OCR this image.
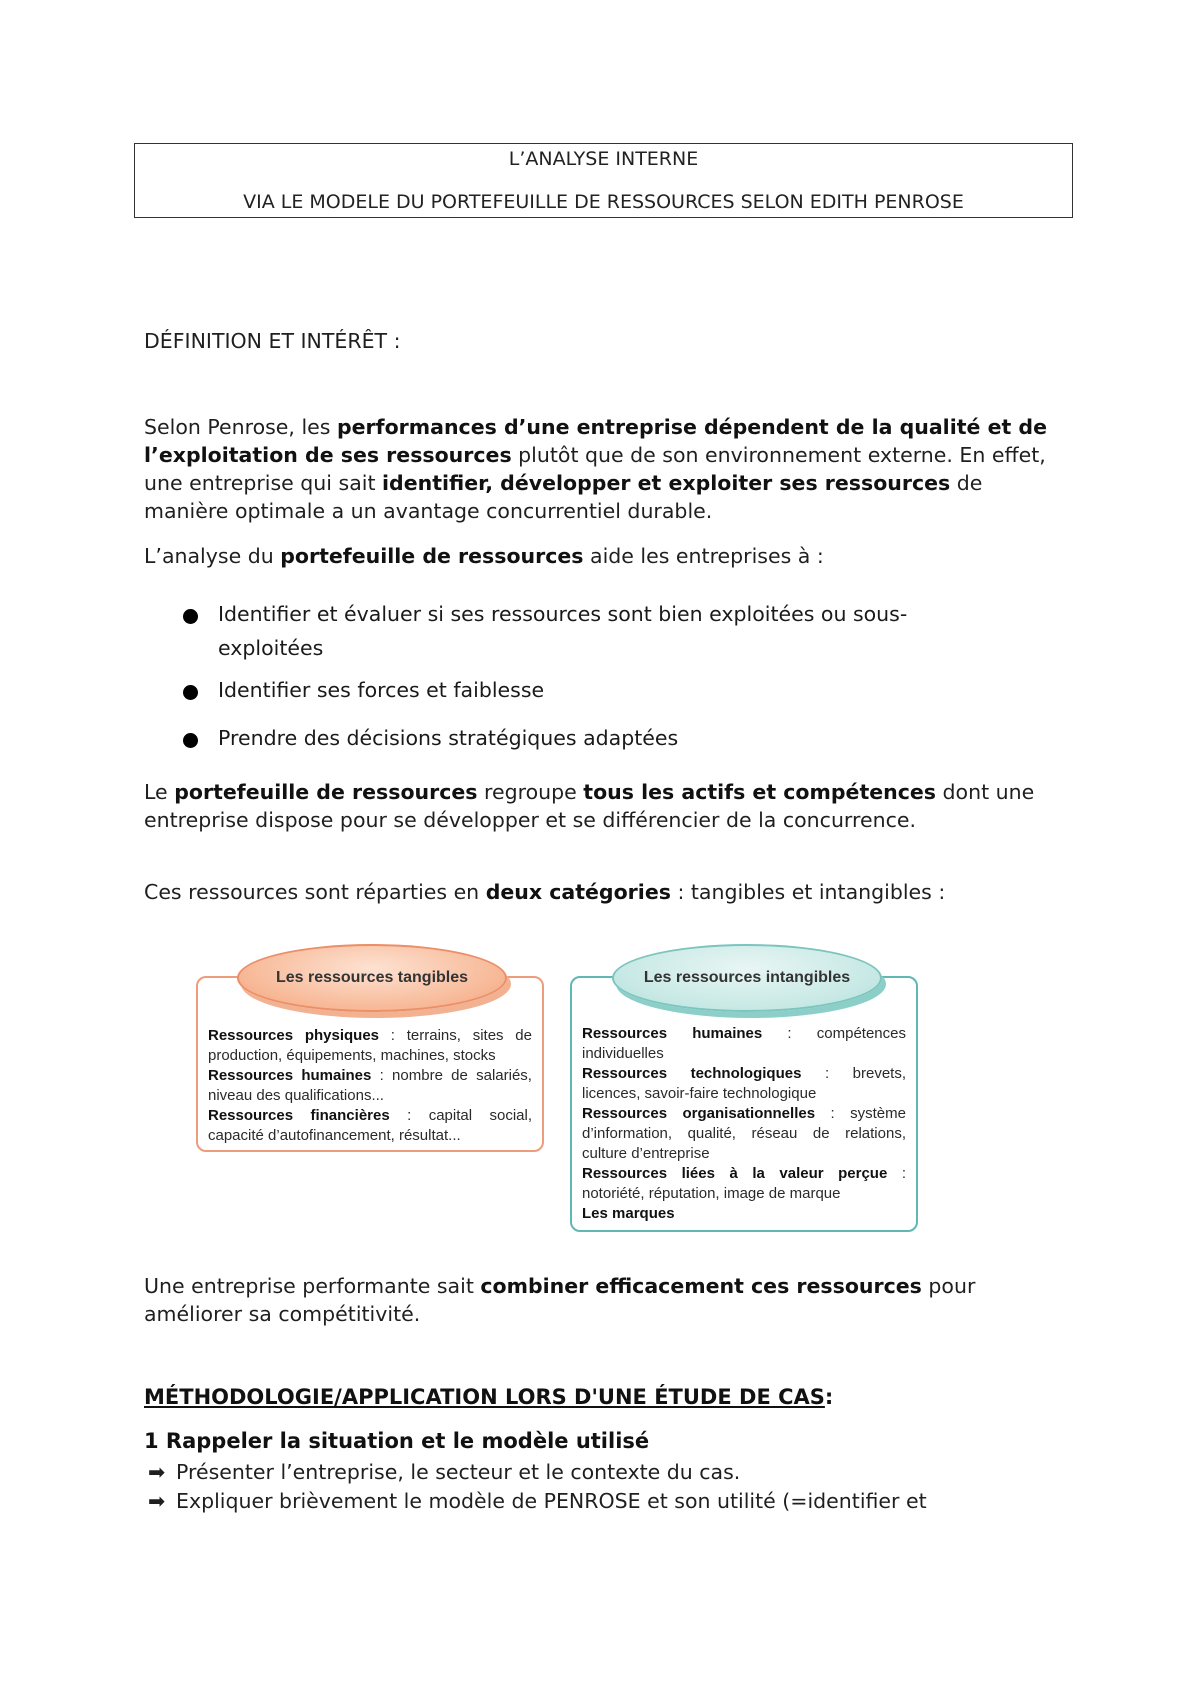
L’ANALYSE INTERNE
VIA LE MODELE DU PORTEFEUILLE DE RESSOURCES SELON EDITH PENROSE
DÉFINITION ET INTÉRÊT :
Selon Penrose, les performances d’une entreprise dépendent de la qualité et de l’exploitation de ses ressources plutôt que de son environnement externe. En effet, une entreprise qui sait identifier, développer et exploiter ses ressources de manière optimale a un avantage concurrentiel durable.
L’analyse du portefeuille de ressources aide les entreprises à :
Identifier et évaluer si ses ressources sont bien exploitées ou sous-exploitées
Identifier ses forces et faiblesse
Prendre des décisions stratégiques adaptées
Le portefeuille de ressources regroupe tous les actifs et compétences dont une entreprise dispose pour se développer et se différencier de la concurrence.
Ces ressources sont réparties en deux catégories : tangibles et intangibles :

Ressources physiques : terrains, sites de production, équipements, machines, stocks

Ressources humaines : nombre de salariés, niveau des qualifications...

Ressources financières : capital social, capacité d’autofinancement, résultat...

Les ressources tangibles

Ressources humaines : compétences individuelles

Ressources technologiques : brevets, licences, savoir-faire technologique

Ressources organisationnelles : système d’information, qualité, réseau de relations, culture d’entreprise

Ressources liées à la valeur perçue : notoriété, réputation, image de marque

Les marques

Les ressources intangibles
Une entreprise performante sait combiner efficacement ces ressources pour améliorer sa compétitivité.
MÉTHODOLOGIE/APPLICATION LORS D'UNE ÉTUDE DE CAS:
1 Rappeler la situation et le modèle utilisé
➡ Présenter l’entreprise, le secteur et le contexte du cas.
➡ Expliquer brièvement le modèle de PENROSE et son utilité (=identifier et
